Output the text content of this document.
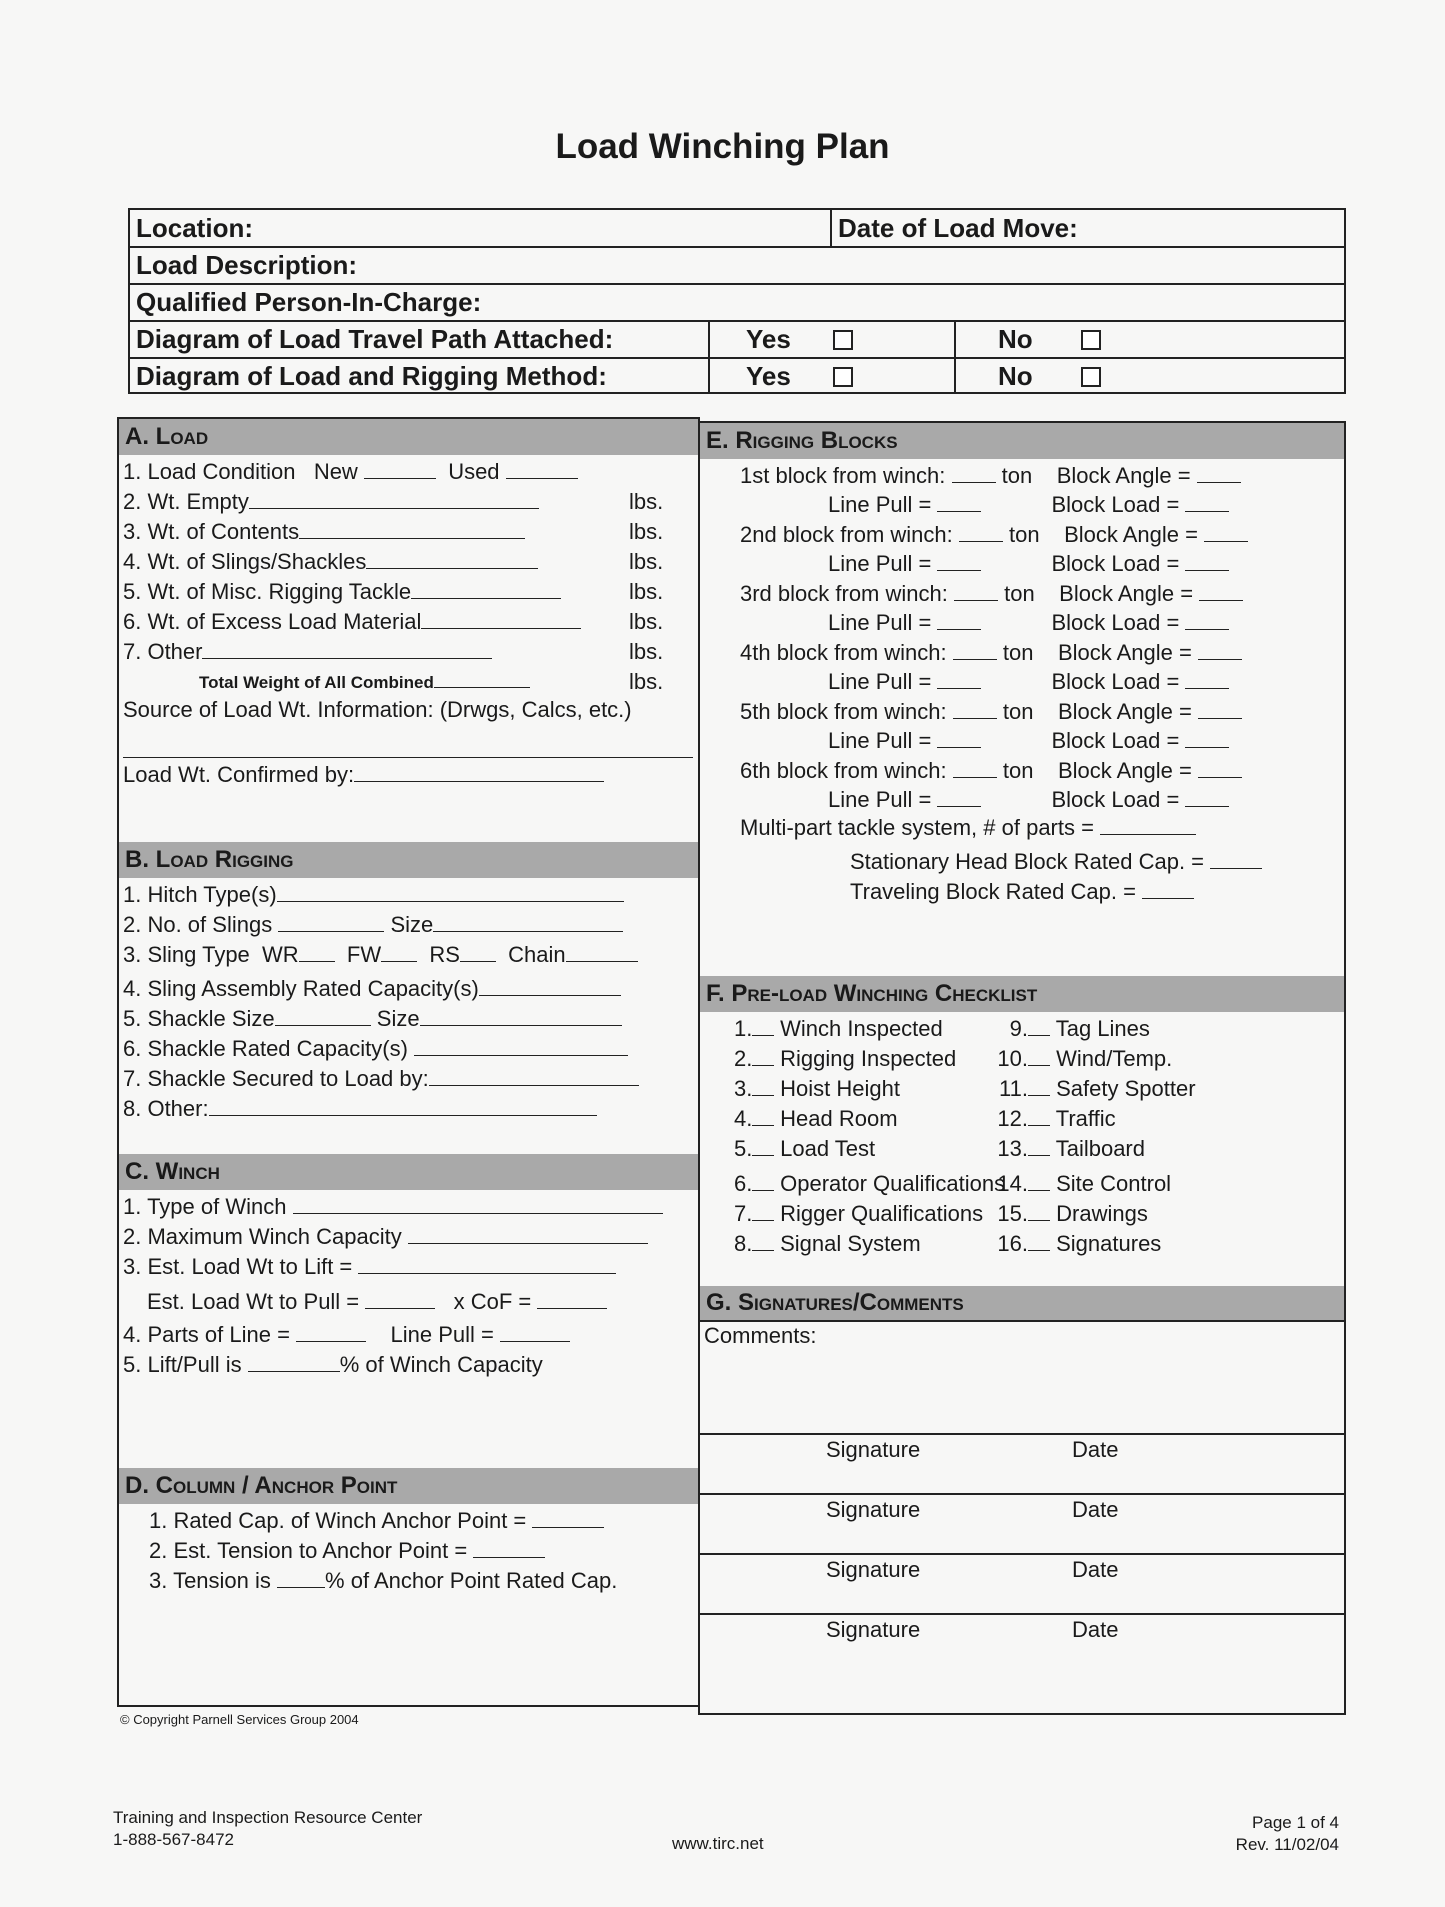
Load Winching Plan
Location:	Date of Load Move:
Load Description:
Qualified Person-In-Charge:
Diagram of Load Travel Path Attached:	Yes	No
Diagram of Load and Rigging Method:	Yes	No
A. Load
1. Load Condition New	Used
2. Wt. Empty	lbs.
3. Wt. of Contents	lbs.
4. Wt. of Slings/Shackles	lbs.
5. Wt. of Misc. Rigging Tackle	lbs.
6. Wt. of Excess Load Material	lbs.
7. Other	lbs.
Total Weight of All Combined	lbs.
Source of Load Wt. Information: (Drwgs, Calcs, etc.)
Load Wt. Confirmed by:
B. Load Rigging
1. Hitch Type(s)
2. No. of Slings	Size
3. Sling Type WR FW RS Chain
4. Sling Assembly Rated Capacity(s)
5. Shackle Size	Size
6. Shackle Rated Capacity(s)
7. Shackle Secured to Load by:
8. Other:
C. Winch
1. Type of Winch
2. Maximum Winch Capacity
3. Est. Load Wt to Lift =
Est. Load Wt to Pull =	x CoF =
4. Parts of Line =	Line Pull =
5. Lift/Pull is	% of Winch Capacity
D. Column / Anchor Point
1. Rated Cap. of Winch Anchor Point =
2. Est. Tension to Anchor Point =
3. Tension is % of Anchor Point Rated Cap.
© Copyright Parnell Services Group 2004
E. Rigging Blocks
1st block from winch:	ton Block Angle =
Line Pull =	Block Load =
2nd block from winch:	ton Block Angle =
Line Pull =	Block Load =
3rd block from winch:	ton Block Angle =
Line Pull =	Block Load =
4th block from winch:	ton Block Angle =
Line Pull =	Block Load =
5th block from winch:	ton Block Angle =
Line Pull =	Block Load =
6th block from winch:	ton Block Angle =
Line Pull =	Block Load =
Multi-part tackle system, # of parts =
Stationary Head Block Rated Cap. =
Traveling Block Rated Cap. =
F. Pre-load Winching Checklist
1. Winch Inspected
2. Rigging Inspected
3. Hoist Height
4. Head Room
5. Load Test
6. Operator Qualifications
7. Rigger Qualifications
8. Signal System
9. Tag Lines
10. Wind/Temp.
11. Safety Spotter
12. Traffic
13. Tailboard
14. Site Control
15. Drawings
16. Signatures
G. Signatures/Comments
Comments:
Signature	Date
Signature	Date
Signature	Date
Signature	Date
Training and Inspection Resource Center
1-888-567-8472	www.tirc.net
Page 1 of 4
Rev. 11/02/04
